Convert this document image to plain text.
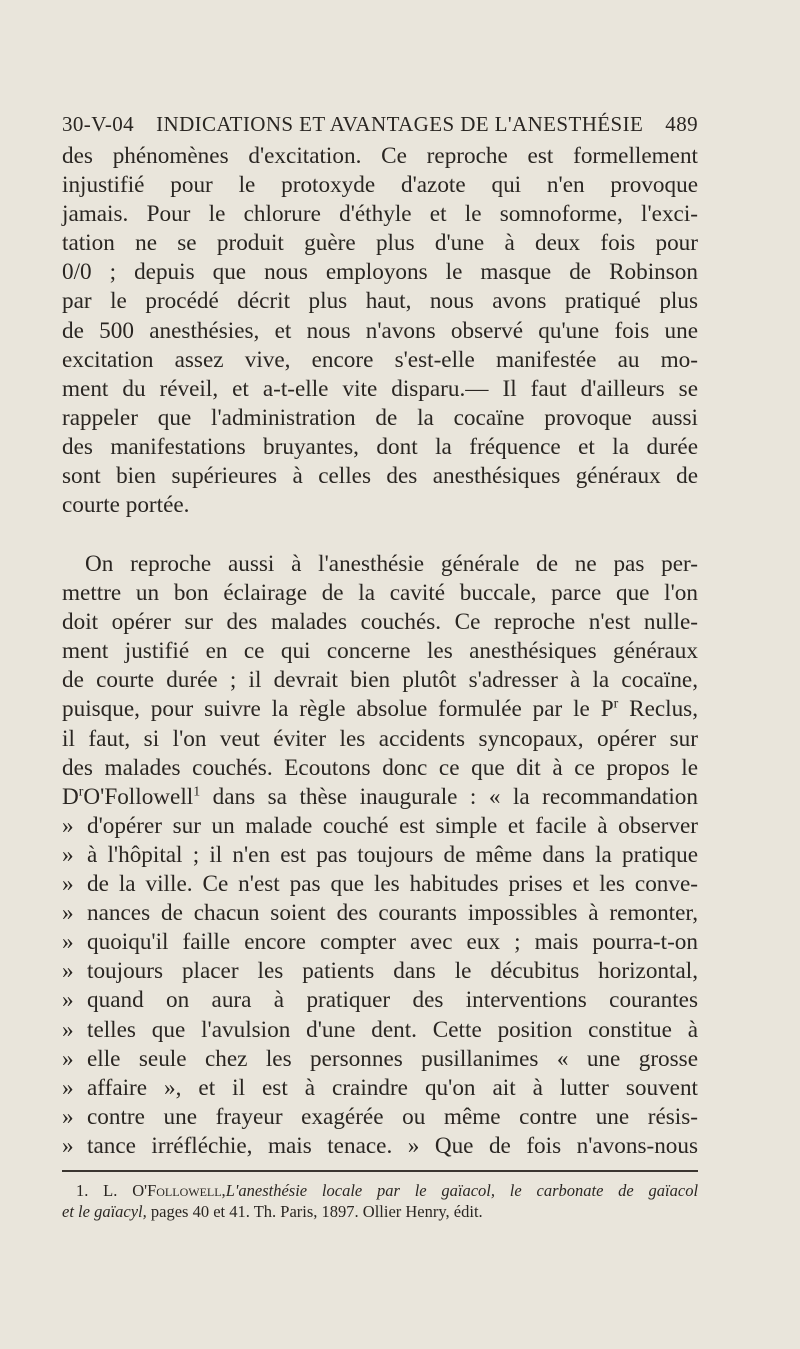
30-V-04 INDICATIONS ET AVANTAGES DE L'ANESTHÉSIE 489
des phénomènes d'excitation. Ce reproche est formellement
injustifié pour le protoxyde d'azote qui n'en provoque
jamais. Pour le chlorure d'éthyle et le somnoforme, l'exci-
tation ne se produit guère plus d'une à deux fois pour
0/0 ; depuis que nous employons le masque de Robinson
par le procédé décrit plus haut, nous avons pratiqué plus
de 500 anesthésies, et nous n'avons observé qu'une fois une
excitation assez vive, encore s'est-elle manifestée au mo-
ment du réveil, et a-t-elle vite disparu.— Il faut d'ailleurs se
rappeler que l'administration de la cocaïne provoque aussi
des manifestations bruyantes, dont la fréquence et la durée
sont bien supérieures à celles des anesthésiques généraux de
courte portée.
On reproche aussi à l'anesthésie générale de ne pas per-
mettre un bon éclairage de la cavité buccale, parce que l'on
doit opérer sur des malades couchés. Ce reproche n'est nulle-
ment justifié en ce qui concerne les anesthésiques généraux
de courte durée ; il devrait bien plutôt s'adresser à la cocaïne,
puisque, pour suivre la règle absolue formulée par le $P^r$ Reclus,
il faut, si l'on veut éviter les accidents syncopaux, opérer sur
des malades couchés. Ecoutons donc ce que dit à ce propos le
$D^rO'Followell^1$ dans sa thèse inaugurale : « la recommandation
» d'opérer sur un malade couché est simple et facile à observer
» à l'hôpital ; il n'en est pas toujours de même dans la pratique
» de la ville. Ce n'est pas que les habitudes prises et les conve-
» nances de chacun soient des courants impossibles à remonter,
» quoiqu'il faille encore compter avec eux ; mais pourra-t-on
» toujours placer les patients dans le décubitus horizontal,
» quand on aura à pratiquer des interventions courantes
» telles que l'avulsion d'une dent. Cette position constitue à
» elle seule chez les personnes pusillanimes « une grosse
» affaire », et il est à craindre qu'on ait à lutter souvent
» contre une frayeur exagérée ou même contre une résis-
» tance irréfléchie, mais tenace. » Que de fois n'avons-nous
1. L. O'Followell,L'anesthésie locale par le gaïacol, le carbonate de gaïacol
et le gaïacyl, pages 40 et 41. Th. Paris, 1897. Ollier Henry, édit.
